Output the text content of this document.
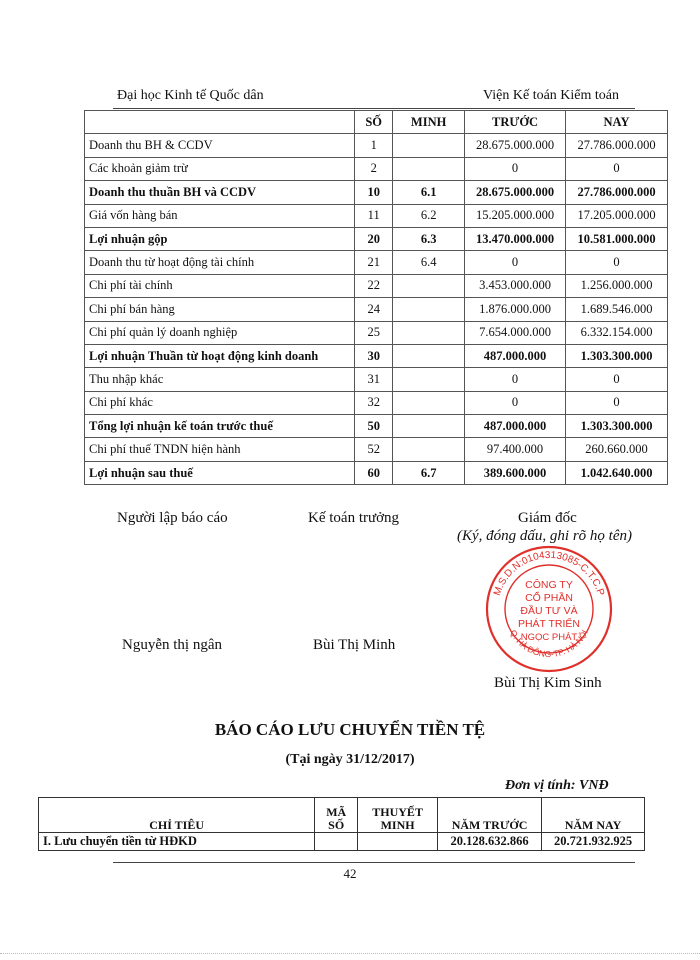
Đại học Kinh tế Quốc dân	Viện Kế toán Kiểm toán
	SỐ	MINH	TRƯỚC	NAY
Doanh thu BH & CCDV	1		28.675.000.000	27.786.000.000
Các khoản giảm trừ	2		0	0
Doanh thu thuần BH và CCDV	10	6.1	28.675.000.000	27.786.000.000
Giá vốn hàng bán	11	6.2	15.205.000.000	17.205.000.000
Lợi nhuận gộp	20	6.3	13.470.000.000	10.581.000.000
Doanh thu từ hoạt động tài chính	21	6.4	0	0
Chi phí tài chính	22		3.453.000.000	1.256.000.000
Chi phí bán hàng	24		1.876.000.000	1.689.546.000
Chi phí quản lý doanh nghiệp	25		7.654.000.000	6.332.154.000
Lợi nhuận Thuần từ hoạt động kinh doanh	30		487.000.000	1.303.300.000
Thu nhập khác	31		0	0
Chi phí khác	32		0	0
Tổng lợi nhuận kế toán trước thuế	50		487.000.000	1.303.300.000
Chi phí thuế TNDN hiện hành	52		97.400.000	260.660.000
Lợi nhuận sau thuế	60	6.7	389.600.000	1.042.640.000
Người lập báo cáo	Kế toán trưởng	Giám đốc
(Ký, đóng dấu, ghi rõ họ tên)
M.S.D.N:0104313085-C.T.C.P
Q. HÀ ĐÔNG-TP. HÀ NỘI
CÔNG TY
CỔ PHẦN
ĐẦU TƯ VÀ
PHÁT TRIỂN
NGỌC PHÁT
Nguyễn thị ngân	Bùi Thị Minh
Bùi Thị Kim Sinh
BÁO CÁO LƯU CHUYỂN TIỀN TỆ
(Tại ngày 31/12/2017)
Đơn vị tính: VNĐ
CHỈ TIÊU	MÃ SỐ	THUYẾT MINH	NĂM TRƯỚC	NĂM NAY
I. Lưu chuyển tiền từ HĐKD			20.128.632.866	20.721.932.925
42
